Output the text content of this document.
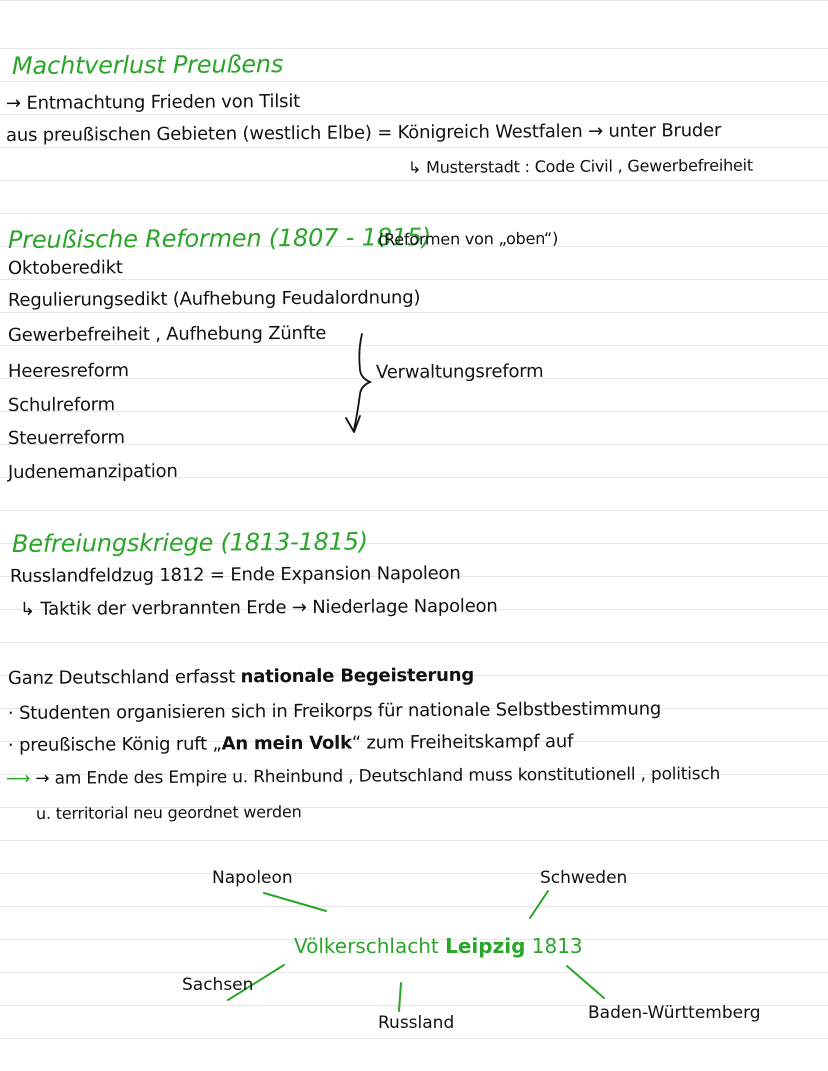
Machtverlust Preußens
→ Entmachtung Frieden von Tilsit
aus preußischen Gebieten (westlich Elbe) = Königreich Westfalen → unter Bruder
↳ Musterstadt : Code Civil , Gewerbefreiheit
Preußische Reformen (1807 - 1815)
(Reformen von „oben“)
Oktoberedikt
Regulierungsedikt (Aufhebung Feudalordnung)
Gewerbefreiheit , Aufhebung Zünfte
Heeresreform
Schulreform
Steuerreform
Judenemanzipation
Verwaltungsreform
Befreiungskriege (1813-1815)
Russlandfeldzug 1812 = Ende Expansion Napoleon
↳ Taktik der verbrannten Erde → Niederlage Napoleon
Ganz Deutschland erfasst nationale Begeisterung
· Studenten organisieren sich in Freikorps für nationale Selbstbestimmung
· preußische König ruft „An mein Volk“ zum Freiheitskampf auf
⟶ → am Ende des Empire u. Rheinbund , Deutschland muss konstitutionell , politisch
u. territorial neu geordnet werden
Völkerschlacht Leipzig 1813
Napoleon	Schweden
Sachsen
Russland	Baden-Württemberg
